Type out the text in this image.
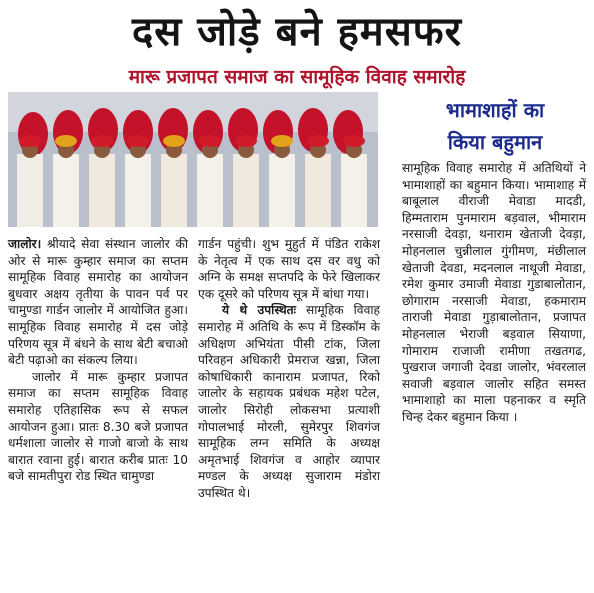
दस जोड़े बने हमसफर
मारू प्रजापत समाज का सामूहिक विवाह समारोह
भामाशाहों का
किया बहुमान

जालोर। श्रीयादे सेवा संस्थान जालोर की ओर से मारू कुम्हार समाज का सप्तम सामूहिक विवाह समारोह का आयोजन बुधवार अक्षय तृतीया के पावन पर्व पर चामुण्डा गार्डन जालोर में आयोजित हुआ। सामूहिक विवाह समारोह में दस जोड़े परिणय सूत्र में बंधने के साथ बेटी बचाओ बेटी पढ़ाओ का संकल्प लिया।

जालोर में मारू कुम्हार प्रजापत समाज का सप्तम सामूहिक विवाह समारोह एतिहासिक रूप से सफल आयोजन हुआ। प्रातः 8.30 बजे प्रजापत धर्मशाला जालोर से गाजो बाजो के साथ बारात रवाना हुई। बारात करीब प्रातः 10 बजे सामतीपुरा रोड स्थित चामुण्डा

गार्डन पहुंची। शुभ मुहुर्त में पंडित राकेश के नेतृत्व में एक साथ दस वर वधु को अग्नि के समक्ष सप्तपदि के फेरे खिलाकर एक दूसरे को परिणय सूत्र में बांधा गया।

ये थे उपस्थितः सामूहिक विवाह समारोह में अतिथि के रूप में डिस्कॉम के अधिक्षण अभियंता पीसी टांक, जिला परिवहन अधिकारी प्रेमराज खन्ना, जिला कोषाधिकारी कानाराम प्रजापत, रिको जालोर के सहायक प्रबंधक महेश पटेल, जालोर सिरोही लोकसभा प्रत्याशी गोपालभाई मोरली, सुमेरपुर शिवगंज सामूहिक लग्न समिति के अध्यक्ष अमृतभाई शिवगंज व आहोर व्यापार मण्डल के अध्यक्ष सुजाराम मंडोरा उपस्थित थे।

सामूहिक विवाह समारोह में अतिथियों ने भामाशाहों का बहुमान किया। भामाशाह में बाबूलाल वीराजी मेवाडा मादडी, हिम्मताराम पुनमाराम बड़वाल, भीमाराम नरसाजी देवड़ा, थनाराम खेताजी देवड़ा, मोहनलाल चुन्नीलाल गुंगीमण, मंछीलाल खेताजी देवडा, मदनलाल नाथूजी मेवाडा, रमेश कुमार उमाजी मेवाडा गुडाबालोतान, छोगाराम नरसाजी मेवाडा, हकमाराम ताराजी मेवाडा गुड़ाबालोतान, प्रजापत मोहनलाल भेराजी बड़वाल सियाणा, गोमाराम राजाजी रामीणा तखतगढ, पुखराज जगाजी देवडा जालोर, भंवरलाल सवाजी बड़वाल जालोर सहित समस्त भामाशाहो का माला पहनाकर व स्मृति चिन्ह देकर बहुमान किया ।
